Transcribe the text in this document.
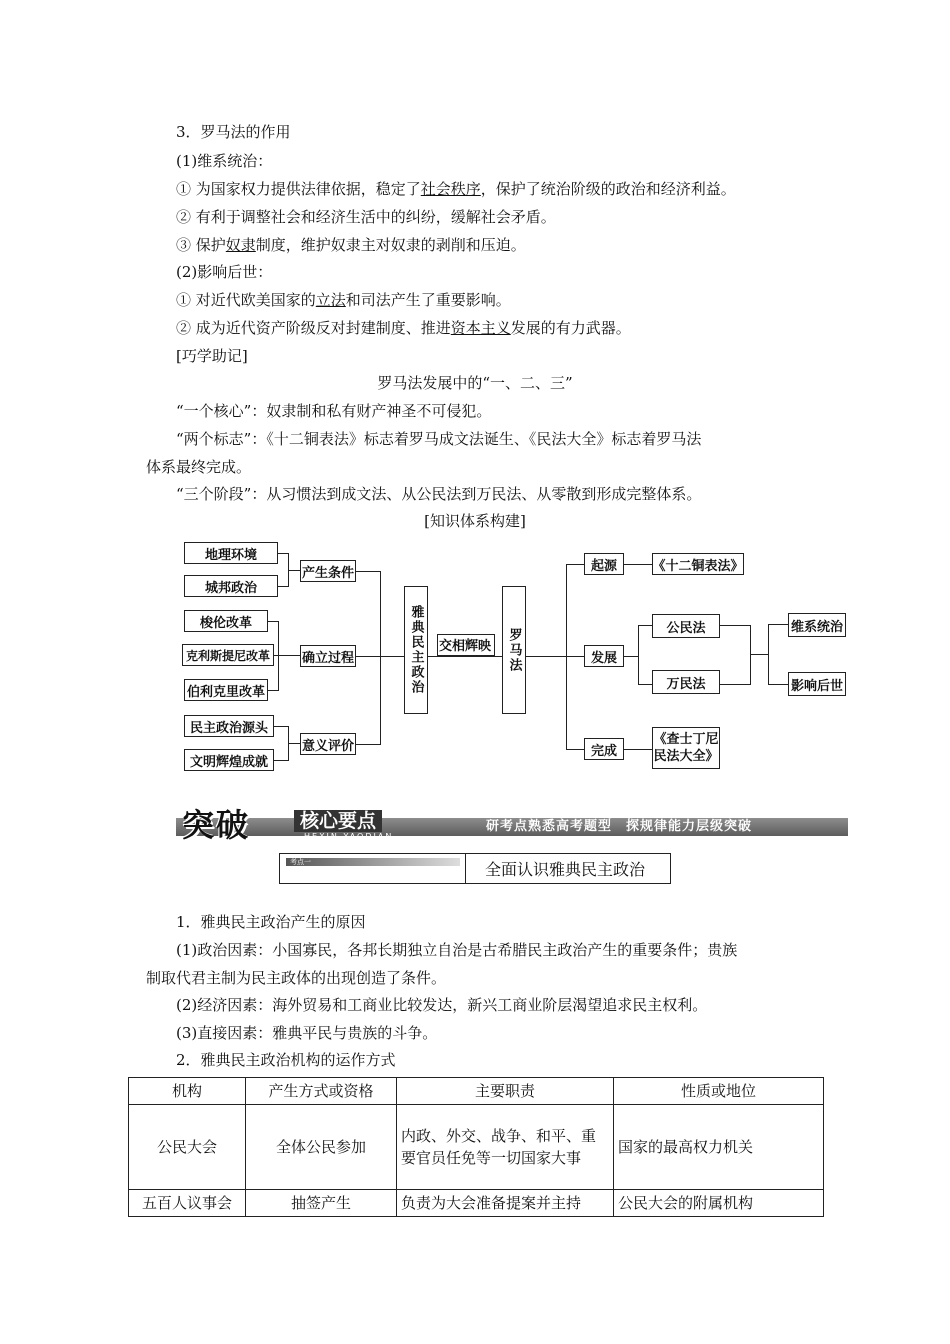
3．罗马法的作用
(1)维系统治：
① 为国家权力提供法律依据，稳定了社会秩序，保护了统治阶级的政治和经济利益。
② 有利于调整社会和经济生活中的纠纷，缓解社会矛盾。
③ 保护奴隶制度，维护奴隶主对奴隶的剥削和压迫。
(2)影响后世：
① 对近代欧美国家的立法和司法产生了重要影响。
② 成为近代资产阶级反对封建制度、推进资本主义发展的有力武器。
[巧学助记]
罗马法发展中的“一、二、三”
“一个核心”：奴隶制和私有财产神圣不可侵犯。
“两个标志”：《十二铜表法》标志着罗马成文法诞生、《民法大全》标志着罗马法
体系最终完成。
“三个阶段”：从习惯法到成文法、从公民法到万民法、从零散到形成完整体系。
[知识体系构建]
地理环境
城邦政治
梭伦改革
克利斯提尼改革
伯利克里改革
民主政治源头
文明辉煌成就
产生条件
确立过程
意义评价
雅典民主政治	交相辉映	罗马法
起源
发展
完成
《十二铜表法》
公民法
万民法
《查士丁尼
民法大全》
维系统治
影响后世
突破	核心要点
HEXIN YAODIAN
研考点熟悉高考题型　探规律能力层级突破
考点一	全面认识雅典民主政治
1．雅典民主政治产生的原因
(1)政治因素：小国寡民，各邦长期独立自治是古希腊民主政治产生的重要条件；贵族
制取代君主制为民主政体的出现创造了条件。
(2)经济因素：海外贸易和工商业比较发达，新兴工商业阶层渴望追求民主权利。
(3)直接因素：雅典平民与贵族的斗争。
2．雅典民主政治机构的运作方式
机构	产生方式或资格	主要职责	性质或地位
公民大会	全体公民参加	内政、外交、战争、和平、重要官员任免等一切国家大事	国家的最高权力机关
五百人议事会	抽签产生	负责为大会准备提案并主持	公民大会的附属机构
